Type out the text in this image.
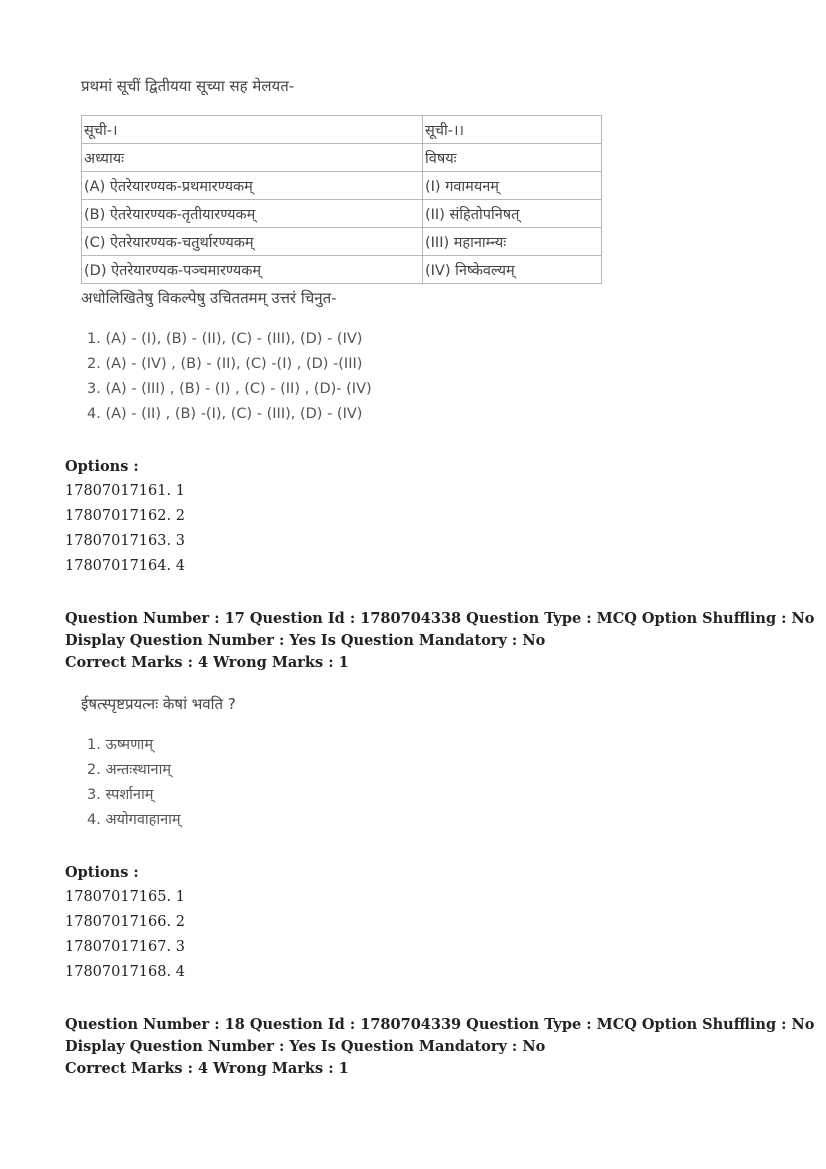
प्रथमां सूचीं द्वितीयया सूच्या सह मेलयत-
सूची-।	सूची-।।
अध्यायः	विषयः
(A) ऐतरेयारण्यक-प्रथमारण्यकम्	(I) गवामयनम्
(B) ऐतरेयारण्यक-तृतीयारण्यकम्	(II) संहितोपनिषत्
(C) ऐतरेयारण्यक-चतुर्थारण्यकम्	(III) महानाम्न्यः
(D) ऐतरेयारण्यक-पञ्चमारण्यकम्	(IV) निष्केवल्यम्
अधोलिखितेषु विकल्पेषु उचिततमम् उत्तरं चिनुत-
1. (A) - (I), (B) - (II), (C) - (III), (D) - (IV)
2. (A) - (IV) , (B) - (II), (C) -(I) , (D) -(III)
3. (A) - (III) , (B) - (I) , (C) - (II) , (D)- (IV)
4. (A) - (II) , (B) -(I), (C) - (III), (D) - (IV)
Options :
17807017161. 1
17807017162. 2
17807017163. 3
17807017164. 4
Question Number : 17 Question Id : 1780704338 Question Type : MCQ Option Shuffling : No
Display Question Number : Yes Is Question Mandatory : No
Correct Marks : 4 Wrong Marks : 1
ईषत्स्पृष्टप्रयत्नः केषां भवति ?
1. ऊष्मणाम्
2. अन्तःस्थानाम्
3. स्पर्शानाम्
4. अयोगवाहानाम्
Options :
17807017165. 1
17807017166. 2
17807017167. 3
17807017168. 4
Question Number : 18 Question Id : 1780704339 Question Type : MCQ Option Shuffling : No
Display Question Number : Yes Is Question Mandatory : No
Correct Marks : 4 Wrong Marks : 1
